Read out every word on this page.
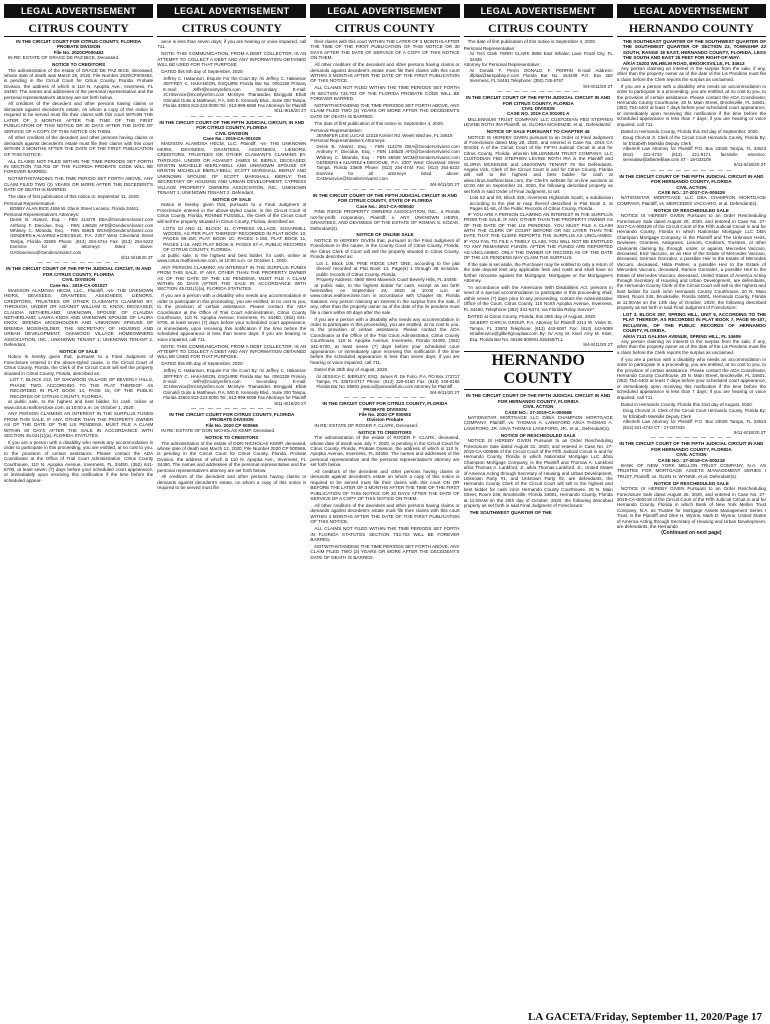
LEGAL ADVERTISEMENT
CITRUS COUNTY
IN THE CIRCUIT COURT FOR CITRUS COUNTY, FLORIDA
PROBATE DIVISION
File No. 2020CP000482

IN RE: ESTATE OF GRACE DE PAZ BICE, Deceased.

NOTICE TO CREDITORS

The administration of the estate of GRACE DE PAZ BICE, deceased, whose date of death was March 25, 2020; File Number 2020CP000482, is pending in the Circuit Court for Citrus County, Florida, Probate Division, the address of which is 110 N. Apopka Ave., Inverness, FL 34450. The names and addresses of the personal representative and the personal representative's attorney are set forth below.

All creditors of the decedent and other persons having claims or demands against decedent's estate, on whom a copy of this notice is required to be served must file their claims with this court WITHIN THE LATER OF 3 MONTHS AFTER THE TIME OF THE FIRST PUBLICATION OF THIS NOTICE OR 30 DAYS AFTER THE DATE OF SERVICE OF A COPY OF THIS NOTICE ON THEM.

All other creditors of the decedent and other persons having claims or demands against decedent's estate must file their claims with this court WITHIN 3 MONTHS AFTER THE DATE OF THE FIRST PUBLICATION OF THIS NOTICE.

ALL CLAIMS NOT FILED WITHIN THE TIME PERIODS SET FORTH IN SECTION 733.702 OF THE FLORIDA PROBATE CODE WILL BE FOREVER BARRED.

NOTWITHSTANDING THE TIME PERIOD SET FORTH ABOVE, ANY CLAIM FILED TWO (2) YEARS OR MORE AFTER THE DECEDENT'S DATE OF DEATH IS BARRED.

The date of first publication of this notice is: September 11, 2020.

Personal Representative:
BOBBY ALAN BICE 4556 W. Glenn Street Lecanto, Florida 34461
Personal Representative's Attorneys:
Derek B. Alvarez, Esq. - FBN 114278 DBA@GendersAlvarez.com Anthony F. Diecidue, Esq. - FBN 146528 AFD@GendersAlvarez.com Whitney C. Miranda, Esq. - FBN 65928 WCM@GendersAlvarez.com GENDERS♦ALVAREZ♦DIECIDUE, P.A. 2307 West Cleveland Street Tampa, Florida 33609 Phone: (813) 254-4744 Fax: (813) 254-5222 Eservice for all attorneys listed above: GADeservice@GendersAlvarez.com
9/11-9/18/20 2T
— — — — — — — — — —
IN THE CIRCUIT COURT OF THE FIFTH JUDICIAL CIRCUIT, IN AND FOR CITRUS COUNTY, FLORIDA
CIVIL DIVISION
Case No.: 2019-CA-001027

MADISON ALAMOSA HECM, LLC., Plaintiff, -vs- THE UNKNOWN HEIRS, DEVISEES, GRANTEES, ASSIGNEES, LIENORS, CREDITORS, TRUSTEES OR OTHER CLAIMANTS CLAIMING BY, THROUGH, UNDER OR AGAINST WILLIAM G. KNOX, DECEASED; CLAUDIA NETHERLAND; UNKNOWN SPOUSE OF CLAUDIA NETHERLAND; LAURA KNOX AND UNKNOWN SPOUSE OF LAURA KNOX; BRENDA MOSSHOLDER AND UNKNOWN SPOUSE OF BRENDA MOSSHOLDER; THE SECRETARY OF HOUSING AND URBAN DEVELOPMENT; OAKWOOD VILLAGE HOMEOWNERS ASSOCIATION, INC.; UNKNOWN TENANT 1; UNKNOWN TENANT 2, Defendant,

NOTICE OF SALE

Notice is hereby given that, pursuant to a Final Judgment of Foreclosure entered in the above-styled cause, in the Circuit Court of Citrus County, Florida, the Clerk of the Circuit Court will sell the property situated in Citrus County, Florida, described as:

LOT 7, BLOCK 213, OF OAKWOOD VILLAGE OF BEVERLY HILLS, PHASE TWO, ACCORDING TO THE PLAT THEREOF, AS RECORDED IN PLAT BOOK 14, PAGE 15, OF THE PUBLIC RECORDS OF CITRUS COUNTY, FLORIDA.

at public sale, to the highest and best bidder, for cash, online at www.citrus.realforeclose.com, at 10:00 a.m. on October 1, 2020.

ANY PERSON CLAIMING AN INTEREST IN THE SURPLUS FUNDS FROM THIS SALE, IF ANY, OTHER THAN THE PROPERTY OWNER AS OF THE DATE OF THE LIS PENDENS, MUST FILE A CLAIM WITHIN 60 DAYS AFTER THE SALE IN ACCORDANCE WITH SECTION 45.031(1)(a), FLORIDA STATUTES.

If you are a person with a disability who needs any accommodation in order to participate in this proceeding, you are entitled, at no cost to you, to the provision of certain assistance. Please contact the ADA Coordinator at the Office of Trial Court Administration, Citrus County Courthouse, 110 N. Apopka Avenue, Inverness, FL 34450, (352) 641-6700, at least seven (7) days before your scheduled court appearance, or immediately upon receiving this notification if the time before the scheduled appear-

LEGAL ADVERTISEMENT
CITRUS COUNTY

ance is less than seven days; if you are hearing or voice impaired, call 711.

NOTE: THIS COMMUNICATION, FROM A DEBT COLLECTOR, IS AN ATTEMPT TO COLLECT A DEBT AND ANY INFORMATION OBTAINED WILL BE USED FOR THAT PURPOSE.

DATED this 8th day of September, 2020

Jeffrey C. Hakanson, Esquire For the Court By: /s/ Jeffrey C. Hakanson JEFFREY C. HAKANSON, ESQUIRE Florida Bar No. 0061328 Primary E-mail: JeffH@mcintyrefirm.com Secondary E-mail: JCHService@mcintyrefirm.com McIntyre Thanasides Bringgold Elliott Grimaldi Guito & Matthews, P.A. 500 E. Kennedy Blvd., Suite 200 Tampa, Florida 33602 813-223-0000 Tel.; 813-899-6069 Fax Attorneys for Plaintiff
9/11-9/18/20 2T
— — — — — — — — — —
IN THE CIRCUIT COURT OF THE FIFTH JUDICIAL CIRCUIT, IN AND FOR CITRUS COUNTY, FLORIDA
CIVIL DIVISION
Case No.: 2019-CA-001028

MADISON ALAMOSA HECM, LLC, Plaintiff, -vs- THE UNKNOWN HEIRS, DEVISEES, GRANTEES, ASSIGNEES, LIENORS, CREDITORS, TRUSTEES OR OTHER CLAIMANTS CLAIMING BY, THROUGH, UNDER OR AGAINST JAMES M. BIERLY, DECEASED; KRISTIN MICHELLE BIERLY-BELL AND UNKNOWN SPOUSE OF KRISTIN MICHELLE BIERLY-BELL; SCOTT MARSHALL BIERLY AND UNKNOWN SPOUSE OF SCOTT MARSHALL BIERLY; THE SECRETARY OF HOUSING AND URBAN DEVELOPMENT; CYPRESS VILLAGE PROPERTY OWNERS ASSOCIATION, INC.; UNKNOWN TENANT 1; UNKNOWN TENANT 2, Defendant.

NOTICE OF SALE

Notice is hereby given that, pursuant to a Final Judgment of Foreclosure entered in the above-styled cause, in the Circuit Court of Citrus County, Florida, RONNIE FUSSELL, the Clerk of the Circuit Court will sell the property situated in Citrus County, Florida, described as:

LOTS 10 AND 11, BLOCK 41, CYPRESS VILLAGE, SUGARMILL WOODS, AS PER PLAT THEREOF RECORDED IN PLAT BOOK 10, PAGES 86-150, PLAT BOOK 10, PAGES 1-150, PLAT BOOK 11, PAGES 1-16, AND PLAT BOOK 9, PAGES 87-A, PUBLIC RECORDS OF CITRUS COUNTY, FLORIDA.

at public sale, to the highest and best bidder, for cash, online at www.citrus.realforeclose.com, at 10:00 a.m. on October 1, 2020.

ANY PERSON CLAIMING AN INTEREST IN THE SURPLUS FUNDS FROM THIS SALE, IF ANY, OTHER THAN THE PROPERTY OWNER AS OF THE DATE OF THE LIS PENDENS, MUST FILE A CLAIM WITHIN 60 DAYS AFTER THE SALE IN ACCORDANCE WITH SECTION 45.031(1)(a), FLORIDA STATUTES.

If you are a person with a disability who needs any accommodation in order to participate in this proceeding, you are entitled, at no cost to you, to the provision of certain assistance. Please contact the ADA Coordinator at the Office of Trial Court Administration, Citrus County Courthouse, 110 N. Apopka Avenue, Inverness, FL 34450, (352) 641-6700, at least seven (7) days before your scheduled court appearance, or immediately upon receiving this notification if the time before the scheduled appearance is less than seven days; if you are hearing or voice impaired, call 711.

NOTE: THIS COMMUNICATION, FROM A DEBT COLLECTOR, IS AN ATTEMPT TO COLLECT A DEBT AND ANY INFORMATION OBTAINED WILL BE USED FOR THAT PURPOSE.

DATED this 8th day of September, 2020

Jeffrey C. Hakanson, Esquire For the Court By: /s/ Jeffrey C. Hakanson JEFFREY C. HAKANSON, ESQUIRE Florida Bar No. 0061328 Primary E-mail: JeffH@mcintyrefirm.com Secondary E-mail: JCHService@mcintyrefirm.com McIntyre Thanasides Bringgold Elliott Grimaldi Guito & Matthews, P.A. 500 E. Kennedy Blvd., Suite 200 Tampa, Florida 33602 813-223-0000 Tel.; 813-899-6069 Fax Attorneys for Plaintiff
9/11-9/18/20 2T
— — — — — — — — — —
IN THE CIRCUIT COURT FOR CITRUS COUNTY, FLORIDA
PROBATE DIVISION
File No. 2020 CP 000566

IN RE: ESTATE OF DON NICHOLAS KEMP, Deceased.

NOTICE TO CREDITORS

The administration of the estate of DON NICHOLAS KEMP, deceased, whose date of death was March 12, 2020; File Number 2020 CP 000566, is pending in the Circuit Court for Citrus County, Florida, Probate Division, the address of which is 110 N. Apopka Ave., Inverness, FL 34450. The names and addresses of the personal representative and the personal representative's attorney are set forth below.

All creditors of the decedent and other persons having claims or demands against decedent's estate, on whom a copy of this notice is required to be served must file

LEGAL ADVERTISEMENT
CITRUS COUNTY

their claims with this court WITHIN THE LATER OF 3 MONTHS AFTER THE TIME OF THE FIRST PUBLICATION OF THIS NOTICE OR 30 DAYS AFTER THE DATE OF SERVICE OF A COPY OF THIS NOTICE ON THEM.

All other creditors of the decedent and other persons having claims or demands against decedent's estate must file their claims with this court WITHIN 3 MONTHS AFTER THE DATE OF THE FIRST PUBLICATION OF THIS NOTICE.

ALL CLAIMS NOT FILED WITHIN THE TIME PERIODS SET FORTH IN SECTION 733.702 OF THE FLORIDA PROBATE CODE WILL BE FOREVER BARRED.

NOTWITHSTANDING THE TIME PERIODS SET FORTH ABOVE, ANY CLAIM FILED TWO (2) YEARS OR MORE AFTER THE DECEDENT'S DATE OF DEATH IS BARRED.

The date of first publication of this notice is: September 4, 2020.

Personal Representative:
JENNIFER LEIS LUCAS 12318 Kolmer Rd. Weeki Wachee, FL 34619
Personal Representative's Attorneys:
Derek B. Alvarez, Esq. - FBN 114278 DBA@GendersAlvarez.com Anthony F. Diecidue, Esq. - FBN 146528 AFD@GendersAlvarez.com Whitney C. Miranda, Esq. - FBN 65928 WCM@GendersAlvarez.com GENDERS♦ALVAREZ♦DIECIDUE, P.A. 2307 West Cleveland Street Tampa, Florida 33609 Phone: (813) 254-4744 Fax: (813) 254-5222 Eservice for all attorneys listed above: GADeservice@GendersAlvarez.com
9/4-9/11/20 2T
— — — — — — — — — —
IN THE CIRCUIT COURT OF THE FIFTH JUDICIAL CIRCUIT IN AND FOR CITRUS COUNTY, STATE OF FLORIDA
Case No.: 2017-CA-000040

PINE RIDGE PROPERTY OWNERS ASSOCIATION, INC., a Florida not-for-profit corporation, Plaintiff, v. ANY UNKNOWN HEIRS, GRANTEES, AND DEVISEES OF THE ESTATE OF ROMAN S. KOZAK, Defendant(s).

NOTICE OF ONLINE SALE

NOTICE IS HEREBY GIVEN that, pursuant to the Final Judgment of Foreclosure in this cause, in the County Court of Citrus County, Florida, the Citrus Clerk of Court will sell the property situated in Citrus County, Florida described as:

Lot 1, Block 106, PINE RIDGE UNIT ONE, according to the plat thereof recorded at Plat Book 14, Page(s) 1 through 36 inclusive, public records of Citrus County, Florida.
Property Address: 4560 West Maverick Court Beverly Hills, FL 34465

at public sale, to the highest bidder for cash, except as set forth hereinafter, on September 24, 2020 at 10:00 a.m. at www.citrus.realforeclose.com in accordance with Chapter 45, Florida Statutes. Any person claiming an interest in the surplus from the sale, if any, other than the property owner as of the date of the lis pendens must file a claim within 60 days after the sale.

If you are a person with a disability who needs any accommodation in order to participate in this proceeding, you are entitled, at no cost to you, to the provision of certain assistance. Please contact the ADA Coordinator at the Office of the Trial Court Administrator, Citrus County Courthouse, 110 N. Apopka Avenue, Inverness, Florida 34450, (352) 341-6700, at least seven (7) days before your scheduled court appearance, or immediately upon receiving this notification if the time before the scheduled appearance is less than seven days; if you are hearing or voice impaired, call 711.

Dated this 28th day of August, 2020.

/s/ JESSICA C. BIERLEY, ESQ. James R. De Furio, P.A. PO Box 172717 Tampa, FL 33672-0717 Phone: (813) 229-0160 Fax: (813) 229-0165 Florida Bar No. 85801 jessica@jamesdefurio.com Attorney for Plaintiff
9/4-9/11/20 2T
— — — — — — — — — —
IN THE CIRCUIT COURT FOR CITRUS COUNTY, FLORIDA
PROBATE DIVISION
File No. 2020 CP 000592
Division Probate

IN RE: ESTATE OF ROGER F. CLARK, Deceased.

NOTICE TO CREDITORS

The administration of the estate of ROGER F. CLARK, deceased, whose date of death was July 7, 2020, is pending in the Circuit Court for Citrus County, Florida, Probate Division, the address of which is 110 N. Apopka Avenue, Inverness, FL 34450. The names and addresses of the personal representative and the personal representative's attorney are set forth below.

All creditors of the decedent and other persons having claims or demands against decedent's estate on whom a copy of this notice is required to be served must file their claims with this court ON OR BEFORE THE LATER OF 3 MONTHS AFTER THE TIME OF THE FIRST PUBLICATION OF THIS NOTICE OR 30 DAYS AFTER THE DATE OF SERVICE OF A COPY OF THIS NOTICE ON THEM.

All other creditors of the decedent and other persons having claims or demands against decedent's estate must file their claims with this court WITHIN 3 MONTHS AFTER THE DATE OF THE FIRST PUBLICATION OF THIS NOTICE.

ALL CLAIMS NOT FILED WITHIN THE TIME PERIODS SET FORTH IN FLORIDA STATUTES SECTION 733.702 WILL BE FOREVER BARRED.

NOTWITHSTANDING THE TIME PERIODS SET FORTH ABOVE, ANY CLAIM FILED TWO (2) YEARS OR MORE AFTER THE DECEDENT'S DATE OF DEATH IS BARRED.

LEGAL ADVERTISEMENT
CITRUS COUNTY

The date of first publication of this notice is September 4, 2020.

Personal Representative:
/s/ Terri Clark TERRI CLARK 8855 East Whalen Lane Floral City, FL 34436
Attorney for Personal Representative:
/s/ Donald F. Perrin DONALD F. PERRIN E-mail Address: dfplaw@tampabay.rr.com Florida Bar No. 164338 P.O. Box 250 Inverness, FL 34451 Telephone: (352) 726-6767
9/4-9/11/20 2T
— — — — — — — — — —
IN THE CIRCUIT COURT OF THE FIFTH JUDICIAL CIRCUIT IN AND FOR CITRUS COUNTY, FLORIDA
CIVIL DIVISION
CASE NO. 2019 CA 001001 A

MILLENNIUM TRUST COMPANY, LLC CUSTODIAN FBO STEPHEN LEVINE ROTH IRA Plaintiff, vs. GLORIA MCKENZIE, et al., Defendants/

NOTICE OF SALE PURSUANT TO CHAPTER 45

NOTICE IS HEREBY GIVEN pursuant to an Order or Final Judgment of Foreclosure dated May 28, 2020, and entered in Case No. 2019 CA 001001 A of the Circuit Court of the FIFTH Judicial Circuit in and for Citrus County, Florida, wherein MILLENNIUM TRUST COMPANY, LLC CUSTODIAN FBO STEPHEN LEVINE ROTH IRA is the Plaintiff and GLORIA MCKENZIE and UNKNOWN TENANT #2 the Defendants. Angela Vick, Clerk of the Circuit Court in and for Citrus County, Florida will sell to the highest and best bidder for cash at www.citrus.realforeclose.com, the Clerk's website for on-line auctions at 10:00 AM on September 24, 2020, the following described property as set forth in said Order of Final Judgment, to wit:

Lots 52 and 53, Block 329, Inverness Highlands South, a subdivision according to the plat or map thereof described in Plat Book 3, at Pages 51-66, of the Public Records of Citrus County, Florida.

IF YOU ARE A PERSON CLAIMING AN INTEREST IN THE SURPLUS FROM THE SALE, IF ANY, OTHER THAN THE PROPERTY OWNER AS OF THE DATE OF THE LIS PENDENS, YOU MUST FILE A CLAIM WITH THE CLERK OF COURT BEFORE OR NO LATER THAN THE DATE THAT THE CLERK REPORTS THE SURPLUS AS UNCLAIMED. IF YOU FAIL TO FILE A TIMELY CLAIM, YOU WILL NOT BE ENTITLED TO ANY REMAINING FUNDS. AFTER THE FUNDS ARE REPORTED AS UNCLAIMED, ONLY THE OWNER OF RECORD AS OF THE DATE OF THE LIS PENDENS MAY CLAIM THE SURPLUS.

If the sale is set aside, the Purchaser may be entitled to only a return of the sale deposit less any applicable fees and costs and shall have no further recourse against the Mortgagor, Mortgagee or the Mortgagee's Attorney.

"In accordance with the Americans With Disabilities Act, persons in need of a special accommodation to participate in this proceeding shall, within seven (7) days prior to any proceeding, contact the Administrative Office of the Court, Citrus County, 110 North Apopka Avenue, Inverness, FL 34450, Telephone (352) 341-6474, via Florida Relay Service".

DATED at Citrus County, Florida, this 28th day of August, 2020.

GILBERT GARCIA GROUP, P.A. Attorney for Plaintiff 2313 W. Violet St. Tampa, FL 33603 Telephone: (813) 443-5087 Fax: (813) 443-5089 emailservice@gilbertgrouplaw.com By: /s/ Amy M. Kiser Amy M. Kiser, Esq. Florida Bar No. 46196 800931.026455/TLL
9/4-9/11/20 2T
HERNANDO COUNTY
IN THE CIRCUIT COURT OF THE FIFTH JUDICIAL CIRCUIT IN AND FOR HERNANDO COUNTY, FLORIDA
CIVIL ACTION
CASE NO.: 27-2019-CA-000698

NATIONSTAR MORTGAGE LLC D/B/A CHAMPION MORTGAGE COMPANY, Plaintiff, vs. THOMAS A. LANKFORD A/K/A THOMAS A. LANKFORD, JR. A/K/A THOMAS LANKFORD, JR., et al., Defendant(s).

NOTICE OF RESCHEDULED SALE

NOTICE IS HEREBY GIVEN Pursuant to an Order Rescheduling Foreclosure Sale dated August 31, 2020, and entered in Case No. 27-2019-CA-000698 of the Circuit Court of the Fifth Judicial Circuit in and for Hernando County, Florida in which Nationstar Mortgage LLC d/b/a Champion Mortgage Company, is the Plaintiff and Thomas A. Lankford a/k/a Thomas A. Lankford, Jr. a/k/a Thomas Lankford, Jr., United States of America Acting through Secretary of Housing and Urban Development, Unknown Party #1, and Unknown Party #2, are defendants, the Hernando County Clerk of the Circuit Court will sell to the highest and best bidder for cash in/on Hernando County Courthouse, 20 N. Main Street, Room 245, Brooksville, Florida 34601, Hernando County, Florida at 11:00AM on the 20th day of October, 2020, the following described property as set forth in said Final Judgment of Foreclosure:

THE SOUTHWEST QUARTER OF THE
LEGAL ADVERTISEMENT
HERNANDO COUNTY
THE SOUTHEAST QUARTER OF THE SOUTHWEST QUARTER OF THE SOUTHWEST QUARTER OF SECTION 23, TOWNSHIP 22 SOUTH, RANGE 18 EAST, HERNANDO COUNTY, FLORIDA, LESS THE SOUTH AND EAST 25 FEET FOR RIGHT-OF-WAY.
A/K/A 15203 WILHELM ROAD, BROOKSVILLE, FL 34613

Any person claiming an interest in the surplus from the sale, if any, other than the property owner as of the date of the Lis Pendens must file a claim before the Clerk reports the surplus as unclaimed.

If you are a person with a disability who needs an accommodation in order to participate in a proceeding, you are entitled, at no cost to you, to the provision of certain assistance. Please contact the ADA Coordinator, Hernando County Courthouse, 20 N. Main Street, Brooksville, FL 34601, (352) 754-4402 at least 7 days before your scheduled court appearance, or immediately upon receiving this notification if the time before the scheduled appearance is less than 7 days; if you are hearing or voice impaired, call 711.

Dated in Hernando County, Florida this 3rd day of September, 2020.

Doug Chorvat Jr. Clerk of the Circuit Court Hernando County, Florida By: /s/ Elizabeth Markidis Deputy Clerk
Albertelli Law Attorney for Plaintiff P.O. Box 23028 Tampa, FL 33623 (813) 221-4743 (813) 221-9171 facsimile eService: servealaw@albertellilaw.com ST - 18-033108
9/11-9/18/20 2T
— — — — — — — — — —
IN THE CIRCUIT COURT OF THE FIFTH JUDICIAL CIRCUIT IN AND FOR HERNANDO COUNTY, FLORIDA
CIVIL ACTION
CASE NO.: 27-2017-CA-000429

NATIONSTAR MORTGAGE LLC DBA CHAMPION MORTGAGE COMPANY, Plaintiff, vs. MERCEDES VACCARO, et al, Defendant(s).

NOTICE OF RESCHEDULED SALE

NOTICE IS HEREBY GIVEN Pursuant to an Order Rescheduling Foreclosure Sale dated August 28, 2020, and entered in Case No. 27-2017-CA-000429 of the Circuit Court of the Fifth Judicial Circuit in and for Hernando County, Florida in which Nationstar Mortgage LLC DBA Champion Mortgage Company, is the Plaintiff and The Unknown Heirs, Devisees, Grantees, Assignees, Lienors, Creditors, Trustees, or other Claimants claiming by, through, under, or against, Mercedes Vaccaro, deceased, Emil Vaccaro, as an Heir of the Estate of Mercedes Vaccaro, deceased, German Gonzalez, a possible Heir to the Estate of Mercedes Vaccaro, deceased, Hilda Palmer, a possible Heir to the Estate of Mercedes Vaccaro, deceased, Ramon Gonzalez, a possible Heir to the Estate of Mercedes Vaccaro, deceased, United States of America Acting through Secretary of Housing and Urban Development, are defendants, the Hernando County Clerk of the Circuit Court will sell to the highest and best bidder for cash in/on Hernando County Courthouse, 20 N. Main Street, Room 245, Brooksville, Florida 34601, Hernando County, Florida at 11:00AM on the 13th day of October, 2020, the following described property as set forth in said Final Judgment of Foreclosure:

LOT 3, BLOCK 297, SPRING HILL, UNIT 5, ACCORDING TO THE PLAT THEREOF, AS RECORDED IN PLAT BOOK 7, PAGE 90-107, INCLUSIVE, OF THE PUBLIC RECORDS OF HERNANDO COUNTY, FLORIDA.
A/K/A 7141 GALENA AVENUE, SPRING HILL, FL 34609

Any person claiming an interest in the surplus from the sale, if any, other than the property owner as of the date of the Lis Pendens must file a claim before the Clerk reports the surplus as unclaimed.

If you are a person with a disability who needs an accommodation in order to participate in a proceeding, you are entitled, at no cost to you, to the provision of certain assistance. Please contact the ADA Coordinator, Hernando County Courthouse, 20 N. Main Street, Brooksville, FL 34601, (352) 754-4402 at least 7 days before your scheduled court appearance, or immediately upon receiving this notification if the time before the scheduled appearance is less than 7 days; if you are hearing or voice impaired, call 711.

Dated in Hernando County, Florida this 31st day of August, 2020.

Doug Chorvat Jr. Clerk of the Circuit Court Hernando County, Florida By: /s/ Elizabeth Markidis Deputy Clerk
Albertelli Law Attorney for Plaintiff P.O. Box 23028 Tampa, FL 33623 (813) 221-4743 CT - 17-007333
9/11-9/18/20 2T
— — — — — — — — — —
IN THE CIRCUIT COURT OF THE FIFTH JUDICIAL CIRCUIT IN AND FOR HERNANDO COUNTY, FLORIDA
CIVIL ACTION
CASE NO.: 27-2019-CA-000218

BANK OF NEW YORK MELLON TRUST COMPANY, N.A. AS TRUSTEE FOR MORTGAGE ASSETS MANAGEMENT SERIES I TRUST, Plaintiff, vs. GLEN H. WYNNE, et al, Defendant(s).

NOTICE OF RESCHEDULED SALE

NOTICE IS HEREBY GIVEN Pursuant to an Order Rescheduling Foreclosure Sale dated August 25, 2020, and entered in Case No. 27-2019-CA-000218 of the Circuit Court of the Fifth Judicial Circuit in and for Hernando County, Florida in which Bank of New York Mellon Trust Company, N.A. as Trustee for Mortgage Assets Management Series I Trust, is the Plaintiff and Glen H. Wynne, Mark D. Wynne, United States of America Acting through Secretary of Housing and Urban Development, are defendants, the Hernando

(Continued on next page)
LA GACETA/Friday, September 11, 2020/Page 17
